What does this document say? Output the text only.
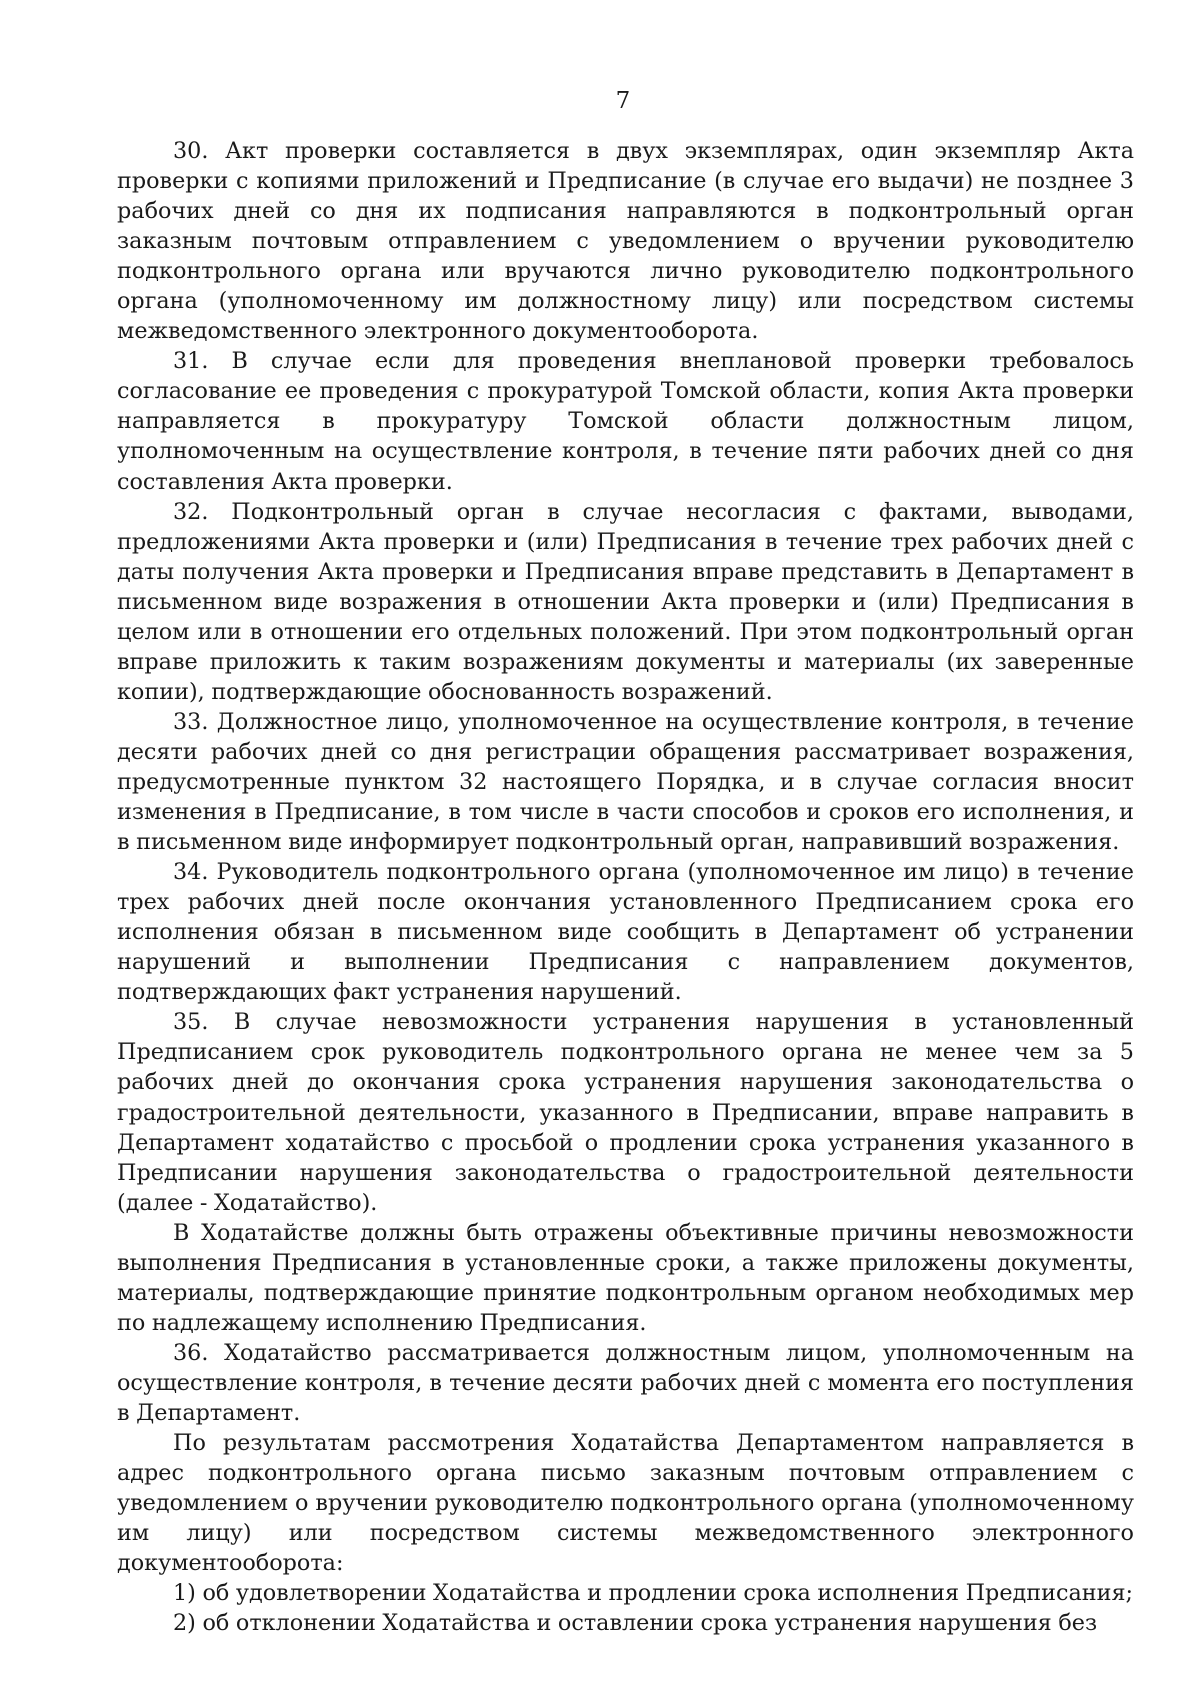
7

30. Акт проверки составляется в двух экземплярах, один экземпляр Акта проверки с копиями приложений и Предписание (в случае его выдачи) не позднее 3 рабочих дней со дня их подписания направляются в подконтрольный орган заказным почтовым отправлением с уведомлением о вручении руководителю подконтрольного органа или вручаются лично руководителю подконтрольного органа (уполномоченному им должностному лицу) или посредством системы межведомственного электронного документооборота.

31. В случае если для проведения внеплановой проверки требовалось согласование ее проведения с прокуратурой Томской области, копия Акта проверки направляется в прокуратуру Томской области должностным лицом, уполномоченным на осуществление контроля, в течение пяти рабочих дней со дня составления Акта проверки.

32. Подконтрольный орган в случае несогласия с фактами, выводами, предложениями Акта проверки и (или) Предписания в течение трех рабочих дней с даты получения Акта проверки и Предписания вправе представить в Департамент в письменном виде возражения в отношении Акта проверки и (или) Предписания в целом или в отношении его отдельных положений. При этом подконтрольный орган вправе приложить к таким возражениям документы и материалы (их заверенные копии), подтверждающие обоснованность возражений.

33. Должностное лицо, уполномоченное на осуществление контроля, в течение десяти рабочих дней со дня регистрации обращения рассматривает возражения, предусмотренные пунктом 32 настоящего Порядка, и в случае согласия вносит изменения в Предписание, в том числе в части способов и сроков его исполнения, и в письменном виде информирует подконтрольный орган, направивший возражения.

34. Руководитель подконтрольного органа (уполномоченное им лицо) в течение трех рабочих дней после окончания установленного Предписанием срока его исполнения обязан в письменном виде сообщить в Департамент об устранении нарушений и выполнении Предписания с направлением документов, подтверждающих факт устранения нарушений.

35. В случае невозможности устранения нарушения в установленный Предписанием срок руководитель подконтрольного органа не менее чем за 5 рабочих дней до окончания срока устранения нарушения законодательства о градостроительной деятельности, указанного в Предписании, вправе направить в Департамент ходатайство с просьбой о продлении срока устранения указанного в Предписании нарушения законодательства о градостроительной деятельности (далее - Ходатайство).

В Ходатайстве должны быть отражены объективные причины невозможности выполнения Предписания в установленные сроки, а также приложены документы, материалы, подтверждающие принятие подконтрольным органом необходимых мер по надлежащему исполнению Предписания.

36. Ходатайство рассматривается должностным лицом, уполномоченным на осуществление контроля, в течение десяти рабочих дней с момента его поступления в Департамент.

По результатам рассмотрения Ходатайства Департаментом направляется в адрес подконтрольного органа письмо заказным почтовым отправлением с уведомлением о вручении руководителю подконтрольного органа (уполномоченному им лицу) или посредством системы межведомственного электронного документооборота:

1) об удовлетворении Ходатайства и продлении срока исполнения Предписания;

2) об отклонении Ходатайства и оставлении срока устранения нарушения без
